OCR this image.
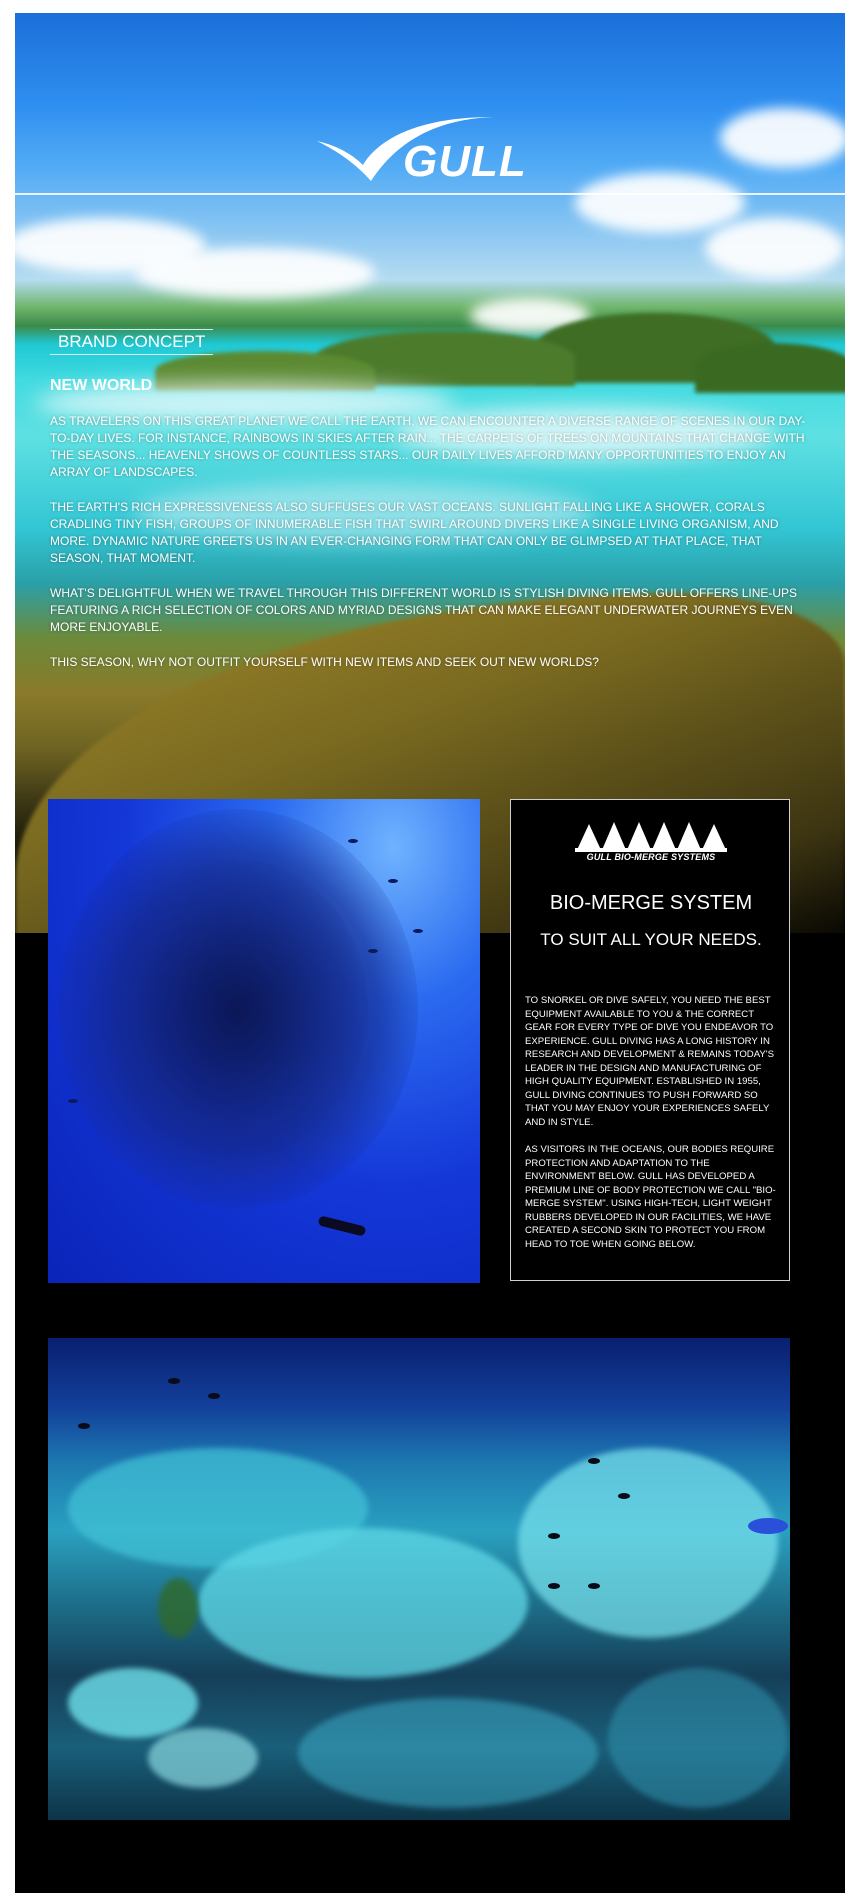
GULL
BRAND CONCEPT
NEW WORLD

AS TRAVELERS ON THIS GREAT PLANET WE CALL THE EARTH, WE CAN ENCOUNTER A DIVERSE RANGE OF SCENES IN OUR DAY-TO-DAY LIVES. FOR INSTANCE, RAINBOWS IN SKIES AFTER RAIN... THE CARPETS OF TREES ON MOUNTAINS THAT CHANGE WITH THE SEASONS... HEAVENLY SHOWS OF COUNTLESS STARS... OUR DAILY LIVES AFFORD MANY OPPORTUNITIES TO ENJOY AN ARRAY OF LANDSCAPES.

THE EARTH'S RICH EXPRESSIVENESS ALSO SUFFUSES OUR VAST OCEANS. SUNLIGHT FALLING LIKE A SHOWER, CORALS CRADLING TINY FISH, GROUPS OF INNUMERABLE FISH THAT SWIRL AROUND DIVERS LIKE A SINGLE LIVING ORGANISM, AND MORE. DYNAMIC NATURE GREETS US IN AN EVER-CHANGING FORM THAT CAN ONLY BE GLIMPSED AT THAT PLACE, THAT SEASON, THAT MOMENT.

WHAT'S DELIGHTFUL WHEN WE TRAVEL THROUGH THIS DIFFERENT WORLD IS STYLISH DIVING ITEMS. GULL OFFERS LINE-UPS FEATURING A RICH SELECTION OF COLORS AND MYRIAD DESIGNS THAT CAN MAKE ELEGANT UNDERWATER JOURNEYS EVEN MORE ENJOYABLE.

THIS SEASON, WHY NOT OUTFIT YOURSELF WITH NEW ITEMS AND SEEK OUT NEW WORLDS?

GULL BIO-MERGE SYSTEMS
BIO-MERGE SYSTEM
TO SUIT ALL YOUR NEEDS.

TO SNORKEL OR DIVE SAFELY, YOU NEED THE BEST EQUIPMENT AVAILABLE TO YOU & THE CORRECT GEAR FOR EVERY TYPE OF DIVE YOU ENDEAVOR TO EXPERIENCE. GULL DIVING HAS A LONG HISTORY IN RESEARCH AND DEVELOPMENT & REMAINS TODAY'S LEADER IN THE DESIGN AND MANUFACTURING OF HIGH QUALITY EQUIPMENT. ESTABLISHED IN 1955, GULL DIVING CONTINUES TO PUSH FORWARD SO THAT YOU MAY ENJOY YOUR EXPERIENCES SAFELY AND IN STYLE.

AS VISITORS IN THE OCEANS, OUR BODIES REQUIRE PROTECTION AND ADAPTATION TO THE ENVIRONMENT BELOW. GULL HAS DEVELOPED A PREMIUM LINE OF BODY PROTECTION WE CALL "BIO-MERGE SYSTEM". USING HIGH-TECH, LIGHT WEIGHT RUBBERS DEVELOPED IN OUR FACILITIES, WE HAVE CREATED A SECOND SKIN TO PROTECT YOU FROM HEAD TO TOE WHEN GOING BELOW.
